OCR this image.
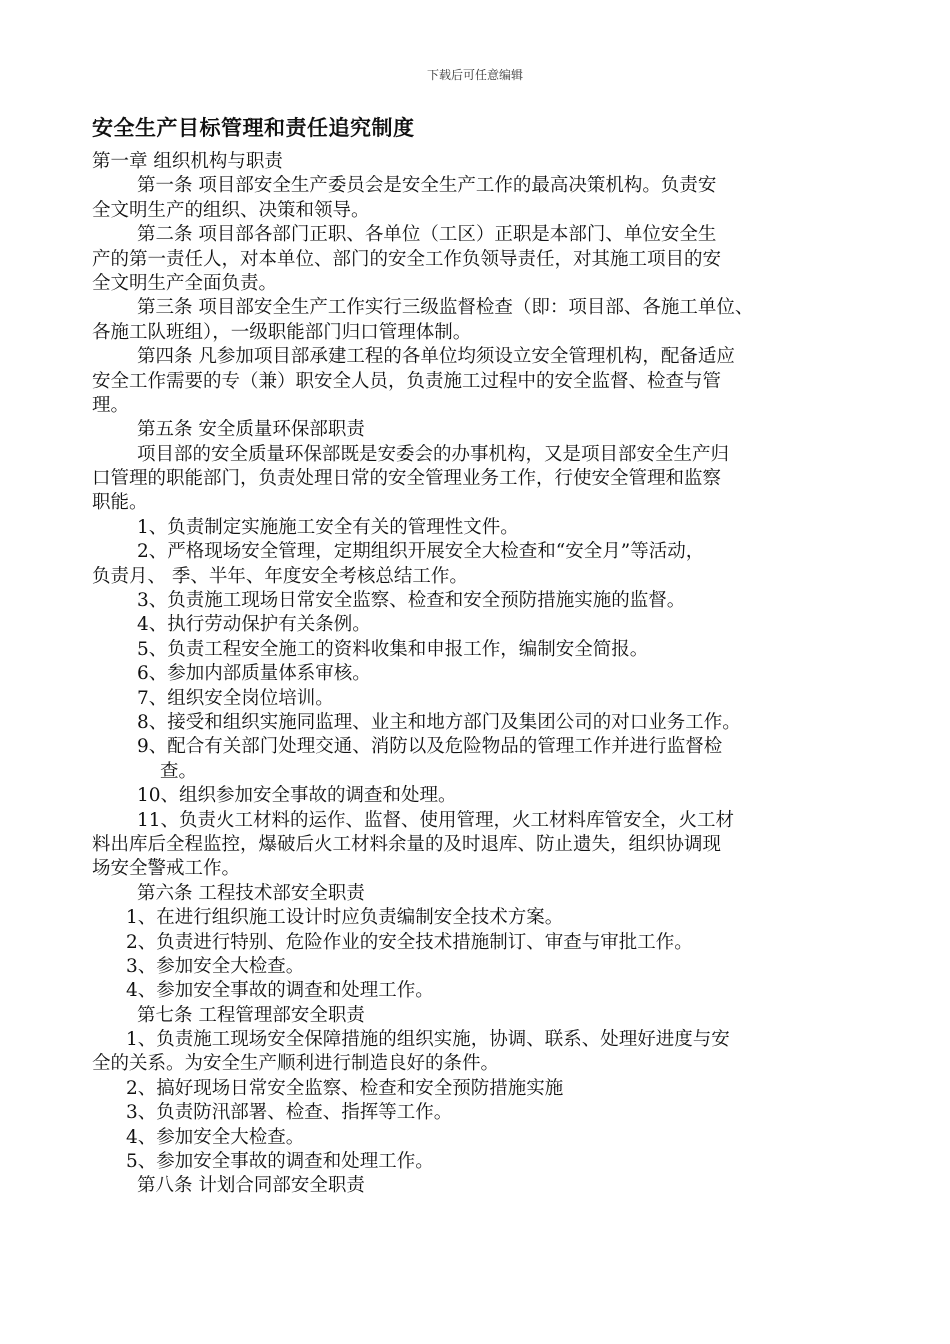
下载后可任意编辑
安全生产目标管理和责任追究制度
第一章 组织机构与职责
第一条 项目部安全生产委员会是安全生产工作的最高决策机构。负责安
全文明生产的组织、决策和领导。
第二条 项目部各部门正职、各单位（工区）正职是本部门、单位安全生
产的第一责任人，对本单位、部门的安全工作负领导责任，对其施工项目的安
全文明生产全面负责。
第三条 项目部安全生产工作实行三级监督检查（即：项目部、各施工单位、
各施工队班组），一级职能部门归口管理体制。
第四条 凡参加项目部承建工程的各单位均须设立安全管理机构，配备适应
安全工作需要的专（兼）职安全人员，负责施工过程中的安全监督、检查与管
理。
第五条 安全质量环保部职责
项目部的安全质量环保部既是安委会的办事机构，又是项目部安全生产归
口管理的职能部门，负责处理日常的安全管理业务工作，行使安全管理和监察
职能。
1、负责制定实施施工安全有关的管理性文件。
2、严格现场安全管理，定期组织开展安全大检查和“安全月”等活动，
负责月、 季、半年、年度安全考核总结工作。
3、负责施工现场日常安全监察、检查和安全预防措施实施的监督。
4、执行劳动保护有关条例。
5、负责工程安全施工的资料收集和申报工作，编制安全简报。
6、参加内部质量体系审核。
7、组织安全岗位培训。
8、接受和组织实施同监理、业主和地方部门及集团公司的对口业务工作。
9、配合有关部门处理交通、消防以及危险物品的管理工作并进行监督检
查。
10、组织参加安全事故的调查和处理。
11、负责火工材料的运作、监督、使用管理，火工材料库管安全，火工材
料出库后全程监控，爆破后火工材料余量的及时退库、防止遗失，组织协调现
场安全警戒工作。
第六条 工程技术部安全职责
1、在进行组织施工设计时应负责编制安全技术方案。
2、负责进行特别、危险作业的安全技术措施制订、审查与审批工作。
3、参加安全大检查。
4、参加安全事故的调查和处理工作。
第七条 工程管理部安全职责
1、负责施工现场安全保障措施的组织实施，协调、联系、处理好进度与安
全的关系。为安全生产顺利进行制造良好的条件。
2、搞好现场日常安全监察、检查和安全预防措施实施
3、负责防汛部署、检查、指挥等工作。
4、参加安全大检查。
5、参加安全事故的调查和处理工作。
第八条 计划合同部安全职责
